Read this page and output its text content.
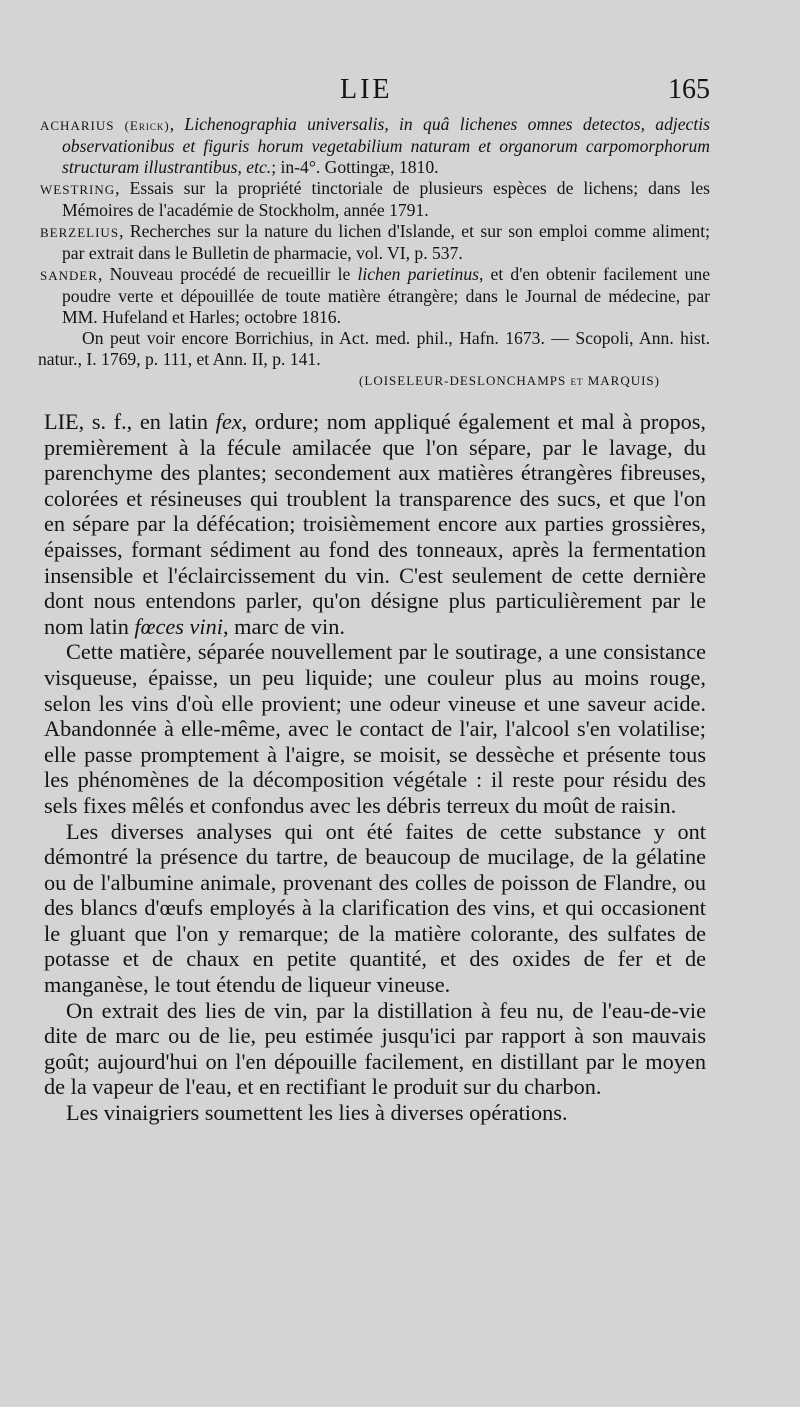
LIE	165

ACHARIUS (Erick), Lichenographia universalis, in quâ lichenes omnes detectos, adjectis observationibus et figuris horum vegetabilium naturam et organorum carpomorphorum structuram illustrantibus, etc.; in-4°. Gottingæ, 1810.

WESTRING, Essais sur la propriété tinctoriale de plusieurs espèces de lichens; dans les Mémoires de l'académie de Stockholm, année 1791.

BERZELIUS, Recherches sur la nature du lichen d'Islande, et sur son emploi comme aliment; par extrait dans le Bulletin de pharmacie, vol. VI, p. 537.

SANDER, Nouveau procédé de recueillir le lichen parietinus, et d'en obtenir facilement une poudre verte et dépouillée de toute matière étrangère; dans le Journal de médecine, par MM. Hufeland et Harles; octobre 1816.

On peut voir encore Borrichius, in Act. med. phil., Hafn. 1673. — Scopoli, Ann. hist. natur., I. 1769, p. 111, et Ann. II, p. 141.

(LOISELEUR-DESLONCHAMPS et MARQUIS)

LIE, s. f., en latin fex, ordure; nom appliqué également et mal à propos, premièrement à la fécule amilacée que l'on sépare, par le lavage, du parenchyme des plantes; secondement aux matières étrangères fibreuses, colorées et résineuses qui troublent la transparence des sucs, et que l'on en sépare par la défécation; troisièmement encore aux parties grossières, épaisses, formant sédiment au fond des tonneaux, après la fermentation insensible et l'éclaircissement du vin. C'est seulement de cette dernière dont nous entendons parler, qu'on désigne plus particulièrement par le nom latin fœces vini, marc de vin.

Cette matière, séparée nouvellement par le soutirage, a une consistance visqueuse, épaisse, un peu liquide; une couleur plus au moins rouge, selon les vins d'où elle provient; une odeur vineuse et une saveur acide. Abandonnée à elle-même, avec le contact de l'air, l'alcool s'en volatilise; elle passe promptement à l'aigre, se moisit, se dessèche et présente tous les phénomènes de la décomposition végétale : il reste pour résidu des sels fixes mêlés et confondus avec les débris terreux du moût de raisin.

Les diverses analyses qui ont été faites de cette substance y ont démontré la présence du tartre, de beaucoup de mucilage, de la gélatine ou de l'albumine animale, provenant des colles de poisson de Flandre, ou des blancs d'œufs employés à la clarification des vins, et qui occasionent le gluant que l'on y remarque; de la matière colorante, des sulfates de potasse et de chaux en petite quantité, et des oxides de fer et de manganèse, le tout étendu de liqueur vineuse.

On extrait des lies de vin, par la distillation à feu nu, de l'eau-de-vie dite de marc ou de lie, peu estimée jusqu'ici par rapport à son mauvais goût; aujourd'hui on l'en dépouille facilement, en distillant par le moyen de la vapeur de l'eau, et en rectifiant le produit sur du charbon.

Les vinaigriers soumettent les lies à diverses opérations.
